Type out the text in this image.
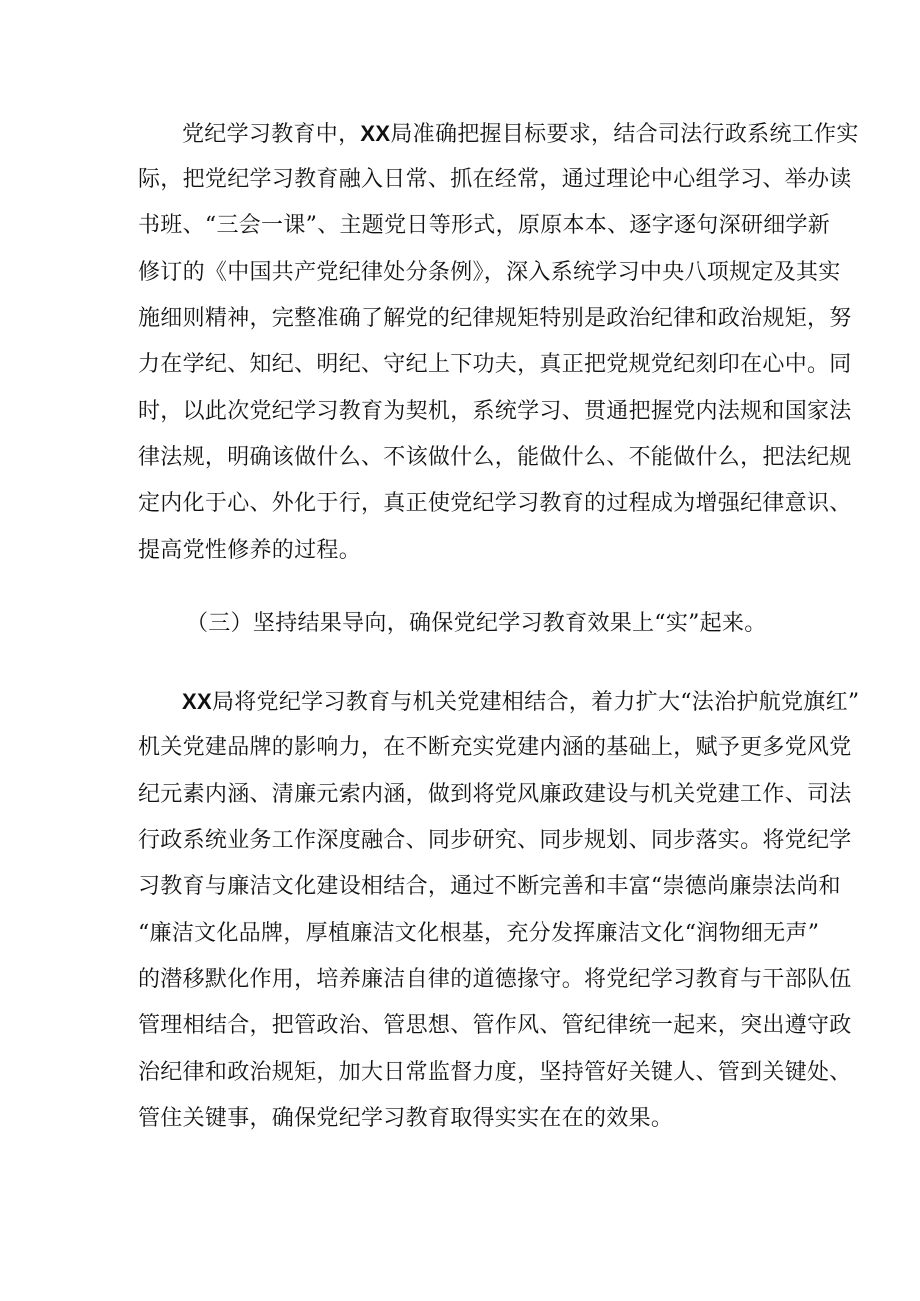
党纪学习教育中，XX局准确把握目标要求，结合司法行政系统工作实
际，把党纪学习教育融入日常、抓在经常，通过理论中心组学习、举办读
书班、“三会一课”、主题党日等形式，原原本本、逐字逐句深研细学新
修订的《中国共产党纪律处分条例》，深入系统学习中央八项规定及其实
施细则精神，完整准确了解党的纪律规矩特别是政治纪律和政治规矩，努
力在学纪、知纪、明纪、守纪上下功夫，真正把党规党纪刻印在心中。同
时，以此次党纪学习教育为契机，系统学习、贯通把握党内法规和国家法
律法规，明确该做什么、不该做什么，能做什么、不能做什么，把法纪规
定内化于心、外化于行，真正使党纪学习教育的过程成为增强纪律意识、
提高党性修养的过程。
（三）坚持结果导向，确保党纪学习教育效果上“实”起来。
XX局将党纪学习教育与机关党建相结合，着力扩大“法治护航党旗红”
机关党建品牌的影响力，在不断充实党建内涵的基础上，赋予更多党风党
纪元素内涵、清廉元索内涵，做到将党风廉政建设与机关党建工作、司法
行政系统业务工作深度融合、同步研究、同步规划、同步落实。将党纪学
习教育与廉洁文化建设相结合，通过不断完善和丰富“崇德尚廉崇法尚和
“廉洁文化品牌，厚植廉洁文化根基，充分发挥廉洁文化“润物细无声”
的潜移默化作用，培养廉洁自律的道德掾守。将党纪学习教育与干部队伍
管理相结合，把管政治、管思想、管作风、管纪律统一起来，突出遵守政
治纪律和政治规矩，加大日常监督力度，坚持管好关键人、管到关键处、
管住关键事，确保党纪学习教育取得实实在在的效果。
